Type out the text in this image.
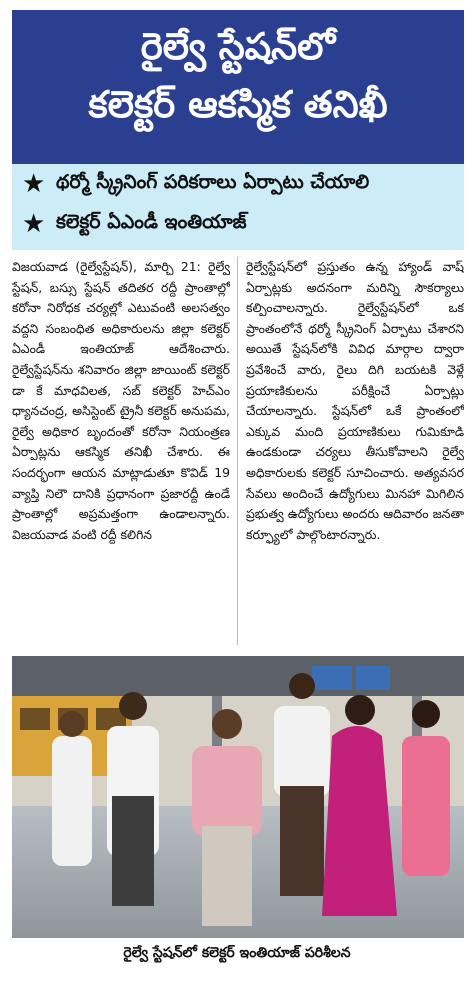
రైల్వే స్టేషన్‌లో
కలెక్టర్ ఆకస్మిక తనిఖీ
★ థర్మో స్క్రీనింగ్ పరికరాలు ఏర్పాటు చేయాలి
★ కలెక్టర్ ఏఎండీ ఇంతియాజ్

విజయవాడ (రైల్వేస్టేషన్), మార్చి 21: రైల్వే స్టేషన్, బస్సు స్టేషన్ తదితర రద్దీ ప్రాంతాల్లో కరోనా నిరోధక చర్యల్లో ఎటువంటి అలసత్వం వద్దని సంబంధిత అధికారులను జిల్లా కలెక్టర్ ఏఎండీ ఇంతియాజ్ ఆదేశించారు. రైల్వేస్టేషన్‌ను శనివారం జిల్లా జాయింట్ కలెక్టర్ డా కే మాధవిలత, సబ్ కలెక్టర్ హెచ్ఎం ధ్యానచంద్ర, అసిస్టెంట్ ట్రైనీ కలెక్టర్ అనుపమ, రైల్వే అధికార బృందంతో కరోనా నియంత్రణ ఏర్పాట్లను ఆకస్మిక తనిఖీ చేశారు. ఈ సందర్భంగా ఆయన మాట్లాడుతూ కొవిడ్ 19 వ్యాప్తి నిలౌ దానికి ప్రధానంగా ప్రజారద్దీ ఉండే ప్రాంతాల్లో అప్రమత్తంగా ఉండాలన్నారు. విజయవాడ వంటి రద్దీ కలిగిన

రైల్వేస్టేషన్‌లో ప్రస్తుతం ఉన్న హ్యాండ్ వాష్ ఏర్పాట్లకు అదనంగా మరిన్ని సౌకర్యాలు కల్పించాలన్నారు. రైల్వేస్టేషన్‌లో ఒక ప్రాంతంలోనే థర్మో స్క్రీనింగ్ ఏర్పాటు చేశారని అయితే స్టేషన్‌లోకి వివిధ మార్గాల ద్వారా ప్రవేశించే వారు, రైలు దిగి బయటకి వెళ్లే ప్రయాణికులను పరీక్షించే ఏర్పాట్లు చేయాలన్నారు. స్టేషన్‌లో ఒకే ప్రాంతంలో ఎక్కువ మంది ప్రయాణికులు గుమికూడి ఉండకుండా చర్యలు తీసుకోవాలని రైల్వే అధికారులకు కలెక్టర్ సూచించారు. అత్యవసర సేవలు అందించే ఉద్యోగులు మినహా మిగిలిన ప్రభుత్వ ఉద్యోగులు అందరు ఆదివారం జనతా కర్ఫ్యూలో పాల్గొంటారన్నారు.

రైల్వే స్టేషన్‌లో కలెక్టర్ ఇంతియాజ్ పరిశీలన
